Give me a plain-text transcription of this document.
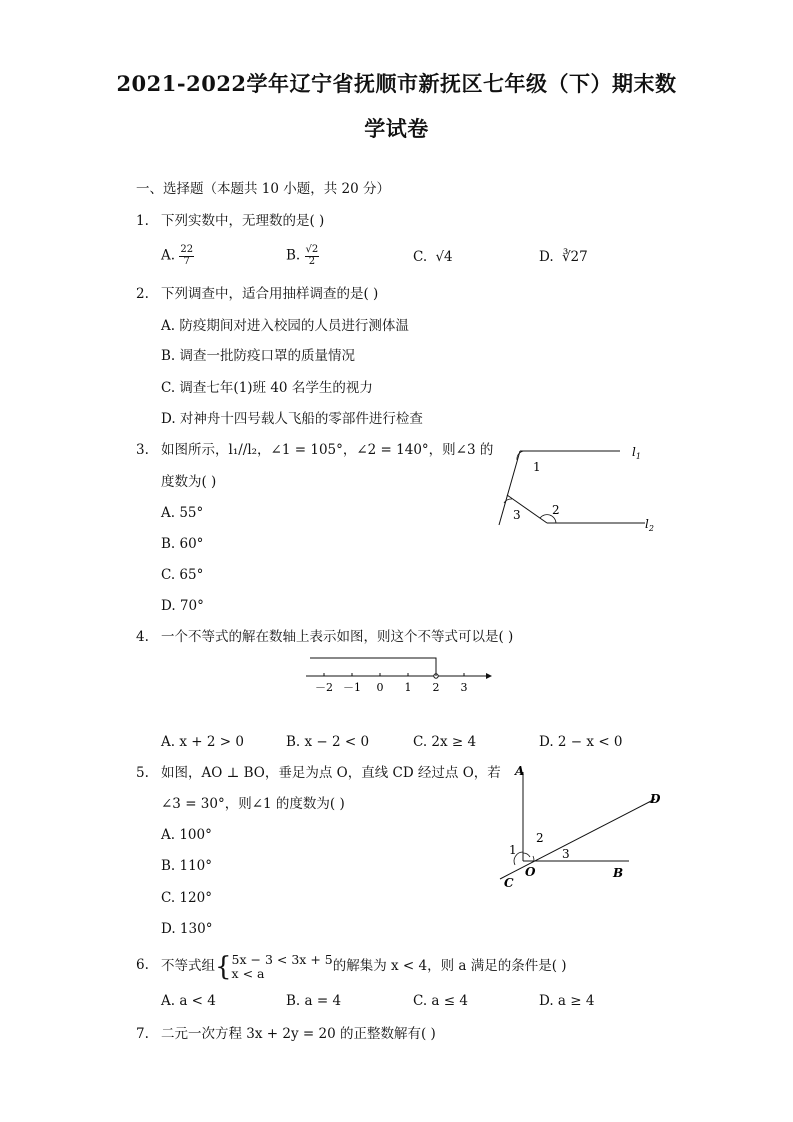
2021-2022学年辽宁省抚顺市新抚区七年级（下）期末数
学试卷
一、选择题（本题共 10 小题，共 20 分）
1. 下列实数中，无理数的是( )
A. $\frac{22}{7}$	B. $\frac{√2}{2}$	C. √4	D. ∛27
2. 下列调查中，适合用抽样调查的是( )
A. 防疫期间对进入校园的人员进行测体温
B. 调查一批防疫口罩的质量情况
C. 调查七年(1)班 40 名学生的视力
D. 对神舟十四号载人飞船的零部件进行检查
3. 如图所示，l₁//l₂，∠1 = 105°，∠2 = 140°，则∠3 的
度数为( )
A. 55°
B. 60°
C. 65°
D. 70°
1
3	2
$l_1$
$l_2$
4. 一个不等式的解在数轴上表示如图，则这个不等式可以是( )
－2 －1 0 1 2 3
A. x + 2 > 0	B. x − 2 < 0	C. 2x ≥ 4	D. 2 − x < 0
5. 如图，AO ⊥ BO，垂足为点 O，直线 CD 经过点 O，若
∠3 = 30°，则∠1 的度数为( )
A. 100°
B. 110°
C. 120°
D. 130°
A
D
B
O
C
1
2
3
6. 不等式组{ 5x − 3 < 3x + 5
x < a	的解集为 x < 4，则 a 满足的条件是( )
A. a < 4	B. a = 4	C. a ≤ 4	D. a ≥ 4
7. 二元一次方程 3x + 2y = 20 的正整数解有( )
